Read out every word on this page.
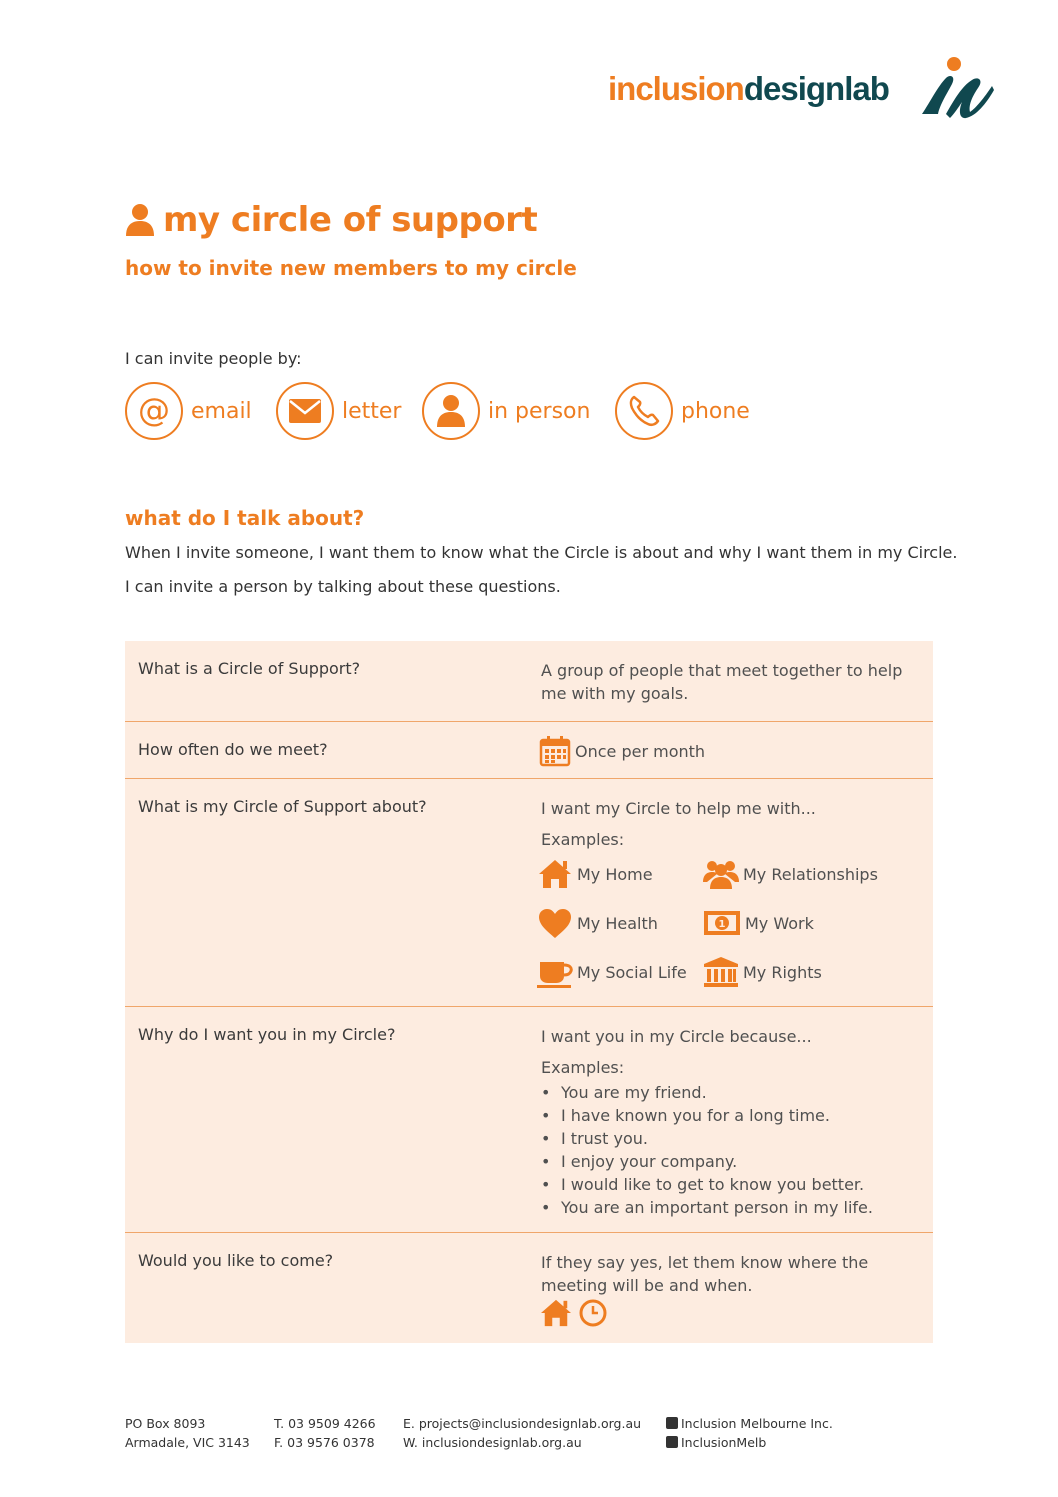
inclusiondesignlab
my circle of support
how to invite new members to my circle

I can invite people by:

@ email	letter	in person	phone
what do I talk about?

When I invite someone, I want them to know what the Circle is about and why I want them in my Circle.

I can invite a person by talking about these questions.

What is a Circle of Support?	A group of people that meet together to help me with my goals.
How often do we meet?	Once per month
What is my Circle of Support about?	I want my Circle to help me with...
Examples:
My Home	My Relationships
My Health	1 My Work
My Social Life	My Rights
Why do I want you in my Circle?	I want you in my Circle because...
Examples:
• You are my friend.
• I have known you for a long time.
• I trust you.
• I enjoy your company.
• I would like to get to know you better.
• You are an important person in my life.
Would you like to come?	If they say yes, let them know where the meeting will be and when.
PO Box 8093
Armadale, VIC 3143
T. 03 9509 4266
F. 03 9576 0378
E. projects@inclusiondesignlab.org.au
W. inclusiondesignlab.org.au
Inclusion Melbourne Inc.
InclusionMelb
